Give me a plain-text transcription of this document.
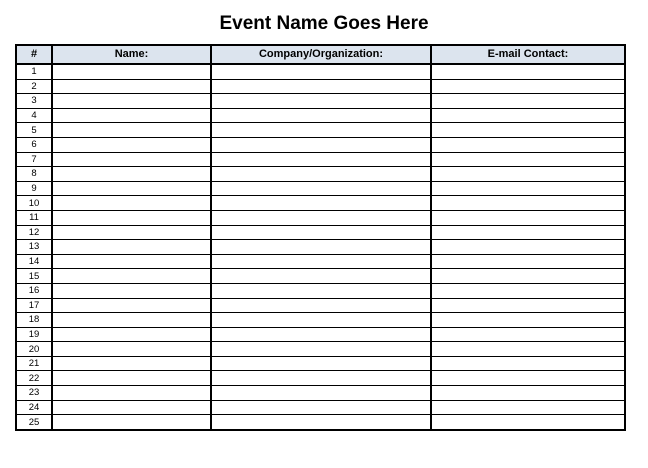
Event Name Goes Here
#	Name:	Company/Organization:	E-mail Contact:
1			
2			
3			
4			
5			
6			
7			
8			
9			
10			
11			
12			
13			
14			
15			
16			
17			
18			
19			
20			
21			
22			
23			
24			
25			
